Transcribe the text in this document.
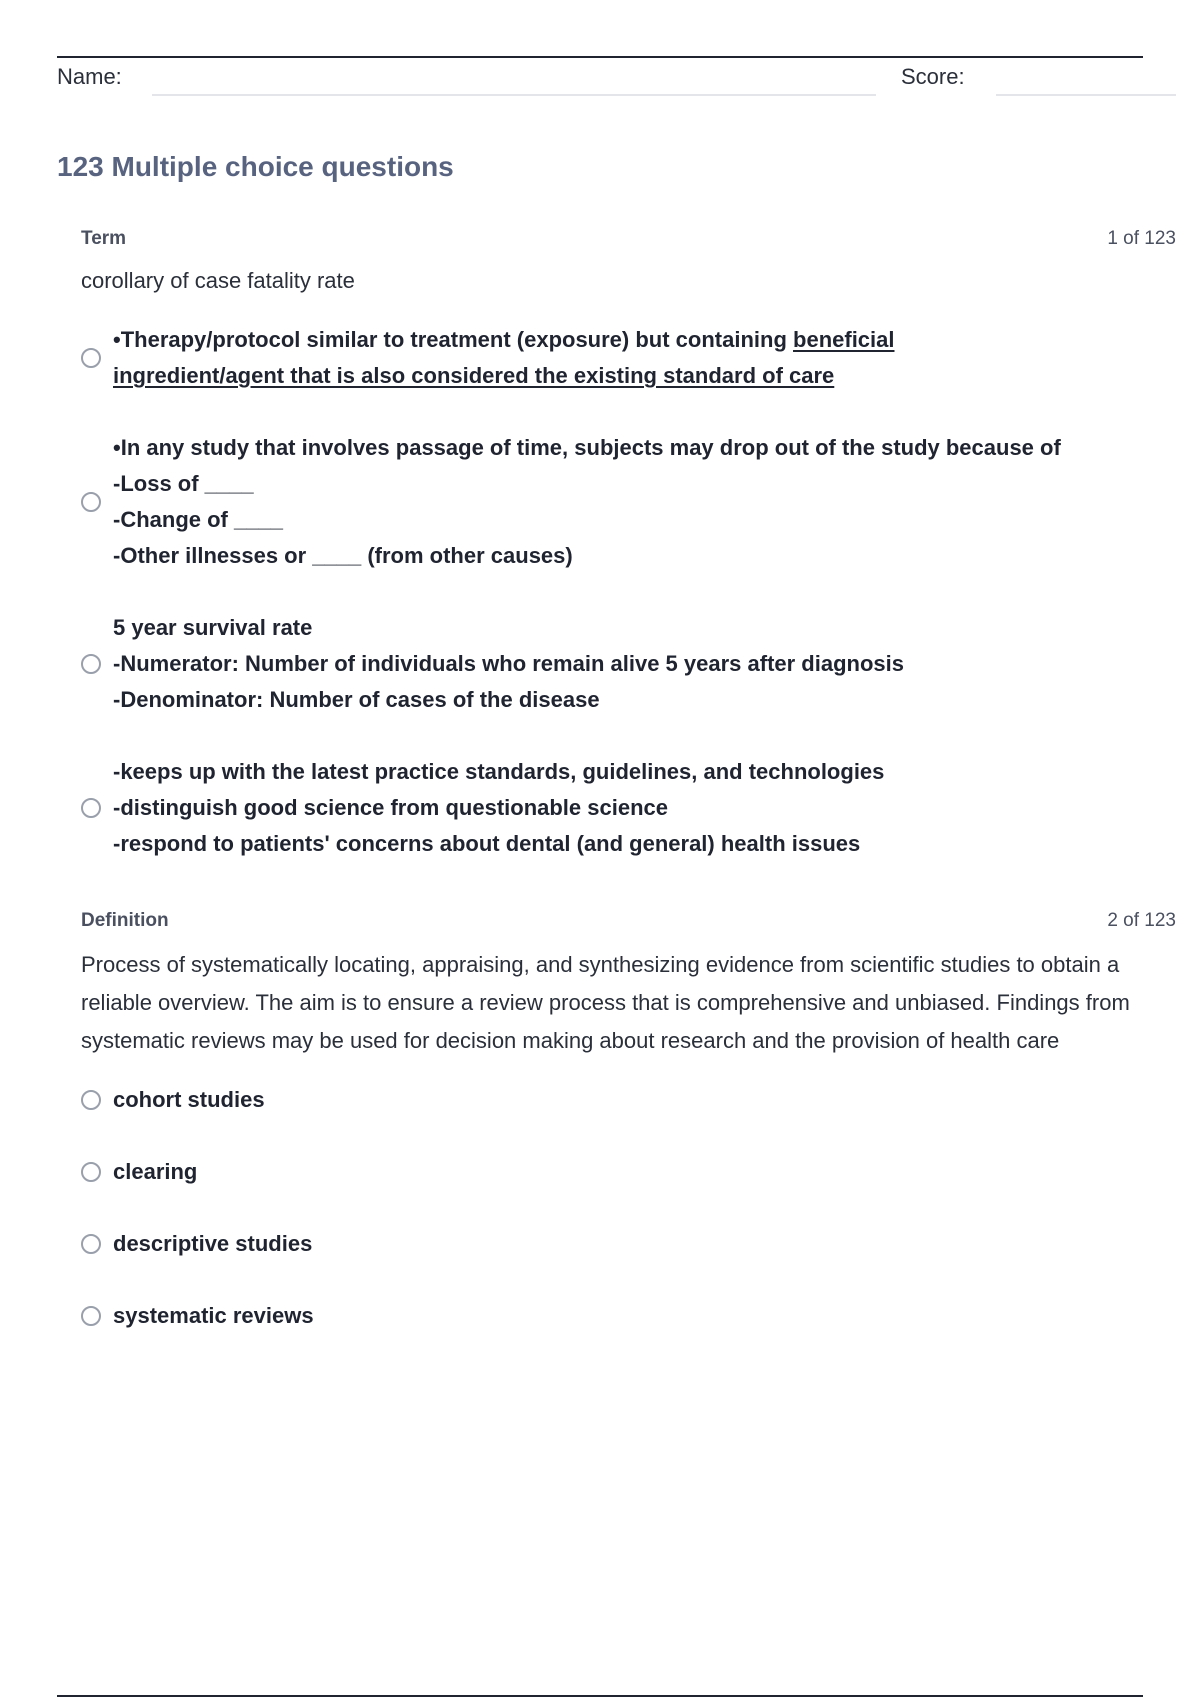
Name:	Score:
123 Multiple choice questions
Term	1 of 123
corollary of case fatality rate
•Therapy/protocol similar to treatment (exposure) but containing beneficial
ingredient/agent that is also considered the existing standard of care
•In any study that involves passage of time, subjects may drop out of the study because of
-Loss of ____
-Change of ____
-Other illnesses or ____ (from other causes)
5 year survival rate
-Numerator: Number of individuals who remain alive 5 years after diagnosis
-Denominator: Number of cases of the disease
-keeps up with the latest practice standards, guidelines, and technologies
-distinguish good science from questionable science
-respond to patients' concerns about dental (and general) health issues
Definition	2 of 123
Process of systematically locating, appraising, and synthesizing evidence from scientific studies to obtain a reliable overview. The aim is to ensure a review process that is comprehensive and unbiased. Findings from systematic reviews may be used for decision making about research and the provision of health care
cohort studies
clearing
descriptive studies
systematic reviews
